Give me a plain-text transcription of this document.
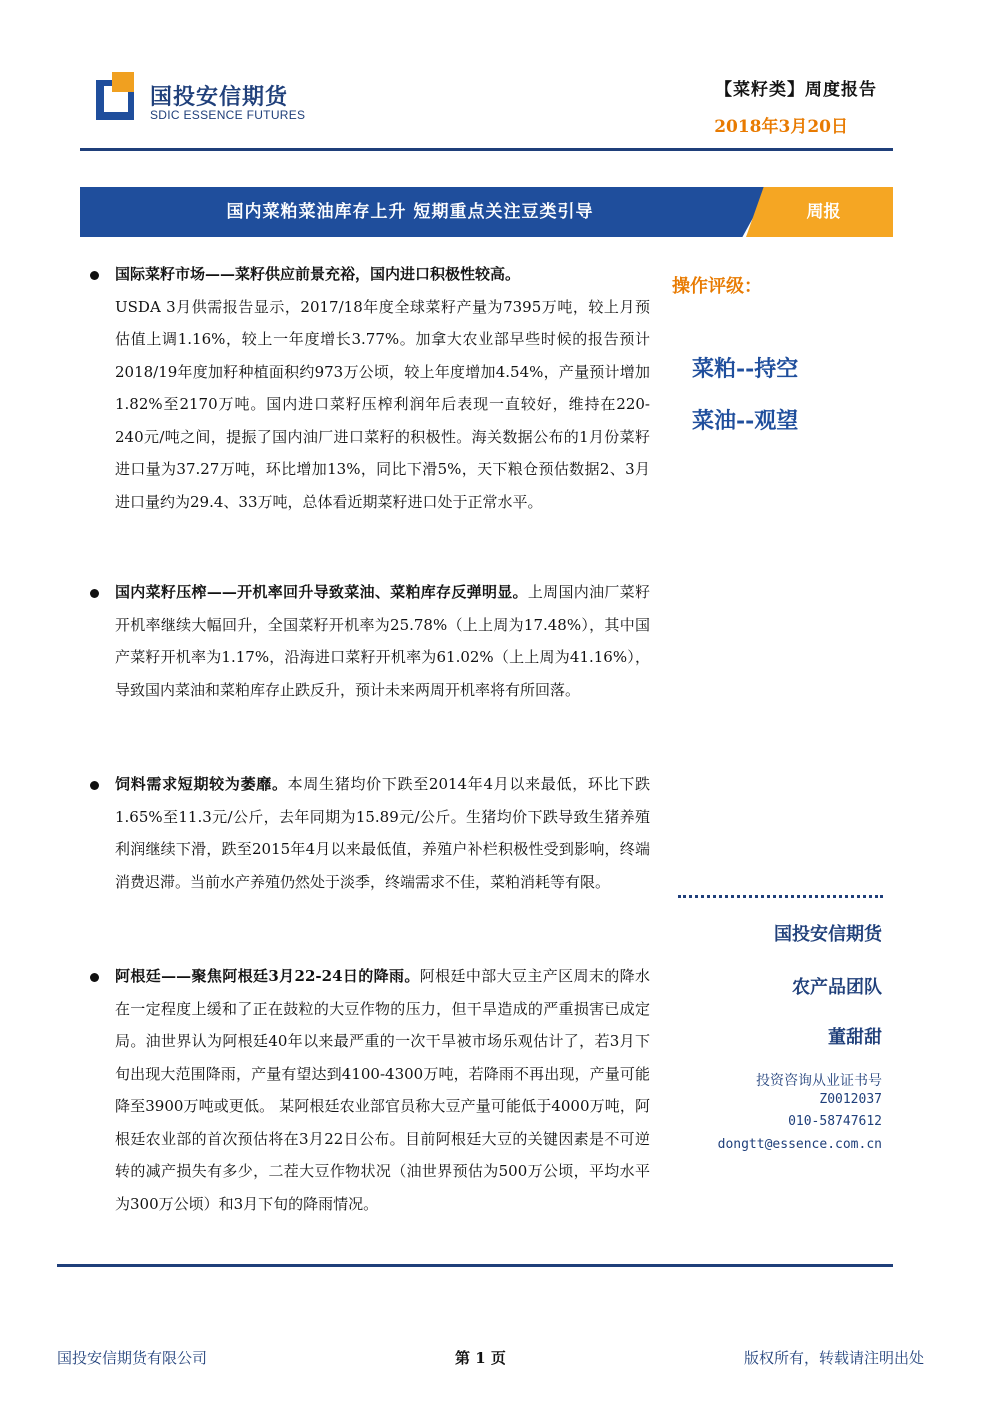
国投安信期货
SDIC ESSENCE FUTURES
【菜籽类】周度报告
2018年3月20日
国内菜粕菜油库存上升 短期重点关注豆类引导	周报
国际菜籽市场——菜籽供应前景充裕，国内进口积极性较高。
USDA 3月供需报告显示，2017/18年度全球菜籽产量为7395万吨，较上月预估值上调1.16%，较上一年度增长3.77%。加拿大农业部早些时候的报告预计2018/19年度加籽种植面积约973万公顷，较上年度增加4.54%，产量预计增加1.82%至2170万吨。国内进口菜籽压榨利润年后表现一直较好，维持在220-240元/吨之间，提振了国内油厂进口菜籽的积极性。海关数据公布的1月份菜籽进口量为37.27万吨，环比增加13%，同比下滑5%，天下粮仓预估数据2、3月进口量约为29.4、33万吨，总体看近期菜籽进口处于正常水平。
国内菜籽压榨——开机率回升导致菜油、菜粕库存反弹明显。上周国内油厂菜籽开机率继续大幅回升，全国菜籽开机率为25.78%（上上周为17.48%），其中国产菜籽开机率为1.17%，沿海进口菜籽开机率为61.02%（上上周为41.16%），导致国内菜油和菜粕库存止跌反升，预计未来两周开机率将有所回落。
饲料需求短期较为萎靡。本周生猪均价下跌至2014年4月以来最低，环比下跌1.65%至11.3元/公斤，去年同期为15.89元/公斤。生猪均价下跌导致生猪养殖利润继续下滑，跌至2015年4月以来最低值，养殖户补栏积极性受到影响，终端消费迟滞。当前水产养殖仍然处于淡季，终端需求不佳，菜粕消耗等有限。
阿根廷——聚焦阿根廷3月22-24日的降雨。阿根廷中部大豆主产区周末的降水在一定程度上缓和了正在鼓粒的大豆作物的压力，但干旱造成的严重损害已成定局。油世界认为阿根廷40年以来最严重的一次干旱被市场乐观估计了，若3月下旬出现大范围降雨，产量有望达到4100-4300万吨，若降雨不再出现，产量可能降至3900万吨或更低。 某阿根廷农业部官员称大豆产量可能低于4000万吨，阿根廷农业部的首次预估将在3月22日公布。目前阿根廷大豆的关键因素是不可逆转的减产损失有多少，二茬大豆作物状况（油世界预估为500万公顷，平均水平为300万公顷）和3月下旬的降雨情况。
操作评级：
菜粕--持空
菜油--观望
国投安信期货
农产品团队
董甜甜
投资咨询从业证书号
Z0012037
010-58747612
dongtt@essence.com.cn
国投安信期货有限公司	第 1 页	版权所有，转载请注明出处
